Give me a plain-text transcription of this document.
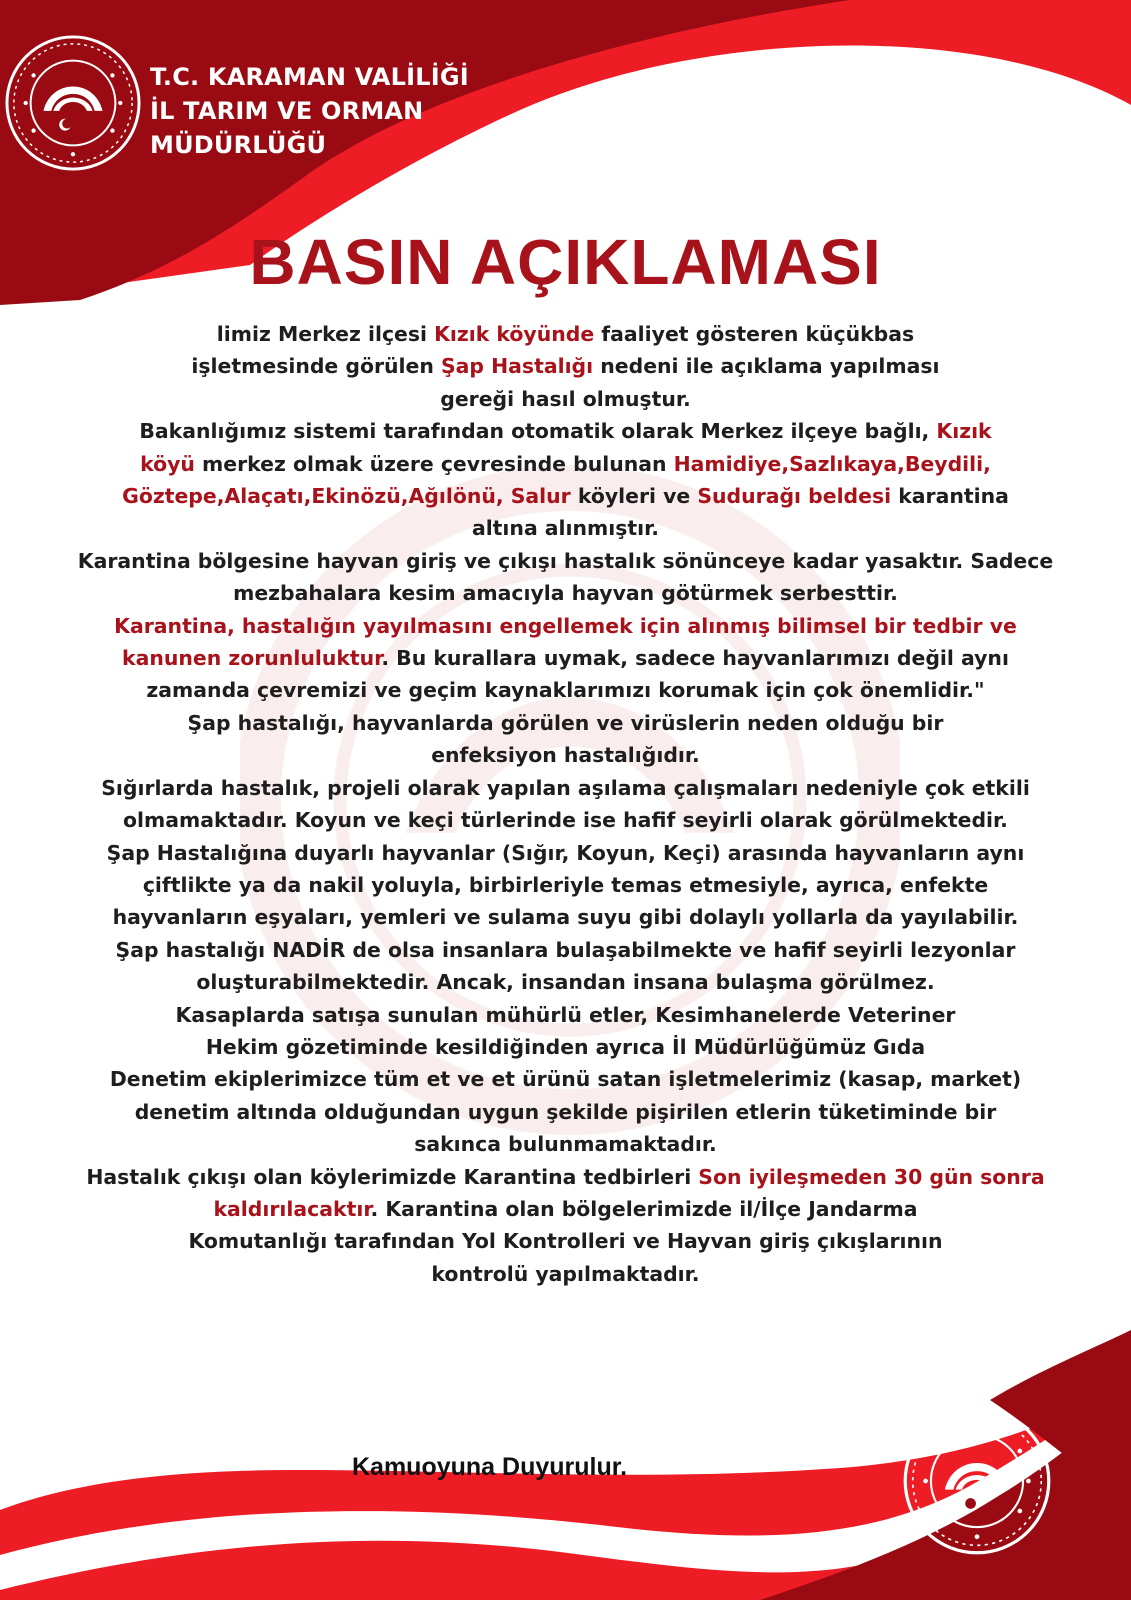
T.C. KARAMAN VALİLİĞİ
İL TARIM VE ORMAN
MÜDÜRLÜĞÜ
BASIN AÇIKLAMASI
limiz Merkez ilçesi Kızık köyünde faaliyet gösteren küçükbas
işletmesinde görülen Şap Hastalığı nedeni ile açıklama yapılması
gereği hasıl olmuştur.
Bakanlığımız sistemi tarafından otomatik olarak Merkez ilçeye bağlı, Kızık
köyü merkez olmak üzere çevresinde bulunan Hamidiye,Sazlıkaya,Beydili,
Göztepe,Alaçatı,Ekinözü,Ağılönü, Salur köyleri ve Sudurağı beldesi karantina
altına alınmıştır.
Karantina bölgesine hayvan giriş ve çıkışı hastalık sönünceye kadar yasaktır. Sadece
mezbahalara kesim amacıyla hayvan götürmek serbesttir.
Karantina, hastalığın yayılmasını engellemek için alınmış bilimsel bir tedbir ve
kanunen zorunluluktur. Bu kurallara uymak, sadece hayvanlarımızı değil aynı
zamanda çevremizi ve geçim kaynaklarımızı korumak için çok önemlidir."
Şap hastalığı, hayvanlarda görülen ve virüslerin neden olduğu bir
enfeksiyon hastalığıdır.
Sığırlarda hastalık, projeli olarak yapılan aşılama çalışmaları nedeniyle çok etkili
olmamaktadır. Koyun ve keçi türlerinde ise hafif seyirli olarak görülmektedir.
Şap Hastalığına duyarlı hayvanlar (Sığır, Koyun, Keçi) arasında hayvanların aynı
çiftlikte ya da nakil yoluyla, birbirleriyle temas etmesiyle, ayrıca, enfekte
hayvanların eşyaları, yemleri ve sulama suyu gibi dolaylı yollarla da yayılabilir.
Şap hastalığı NADİR de olsa insanlara bulaşabilmekte ve hafif seyirli lezyonlar
oluşturabilmektedir. Ancak, insandan insana bulaşma görülmez.
Kasaplarda satışa sunulan mühürlü etler, Kesimhanelerde Veteriner
Hekim gözetiminde kesildiğinden ayrıca İl Müdürlüğümüz Gıda
Denetim ekiplerimizce tüm et ve et ürünü satan işletmelerimiz (kasap, market)
denetim altında olduğundan uygun şekilde pişirilen etlerin tüketiminde bir
sakınca bulunmamaktadır.
Hastalık çıkışı olan köylerimizde Karantina tedbirleri Son iyileşmeden 30 gün sonra
kaldırılacaktır. Karantina olan bölgelerimizde il/İlçe Jandarma
Komutanlığı tarafından Yol Kontrolleri ve Hayvan giriş çıkışlarının
kontrolü yapılmaktadır.
Kamuoyuna Duyurulur.
